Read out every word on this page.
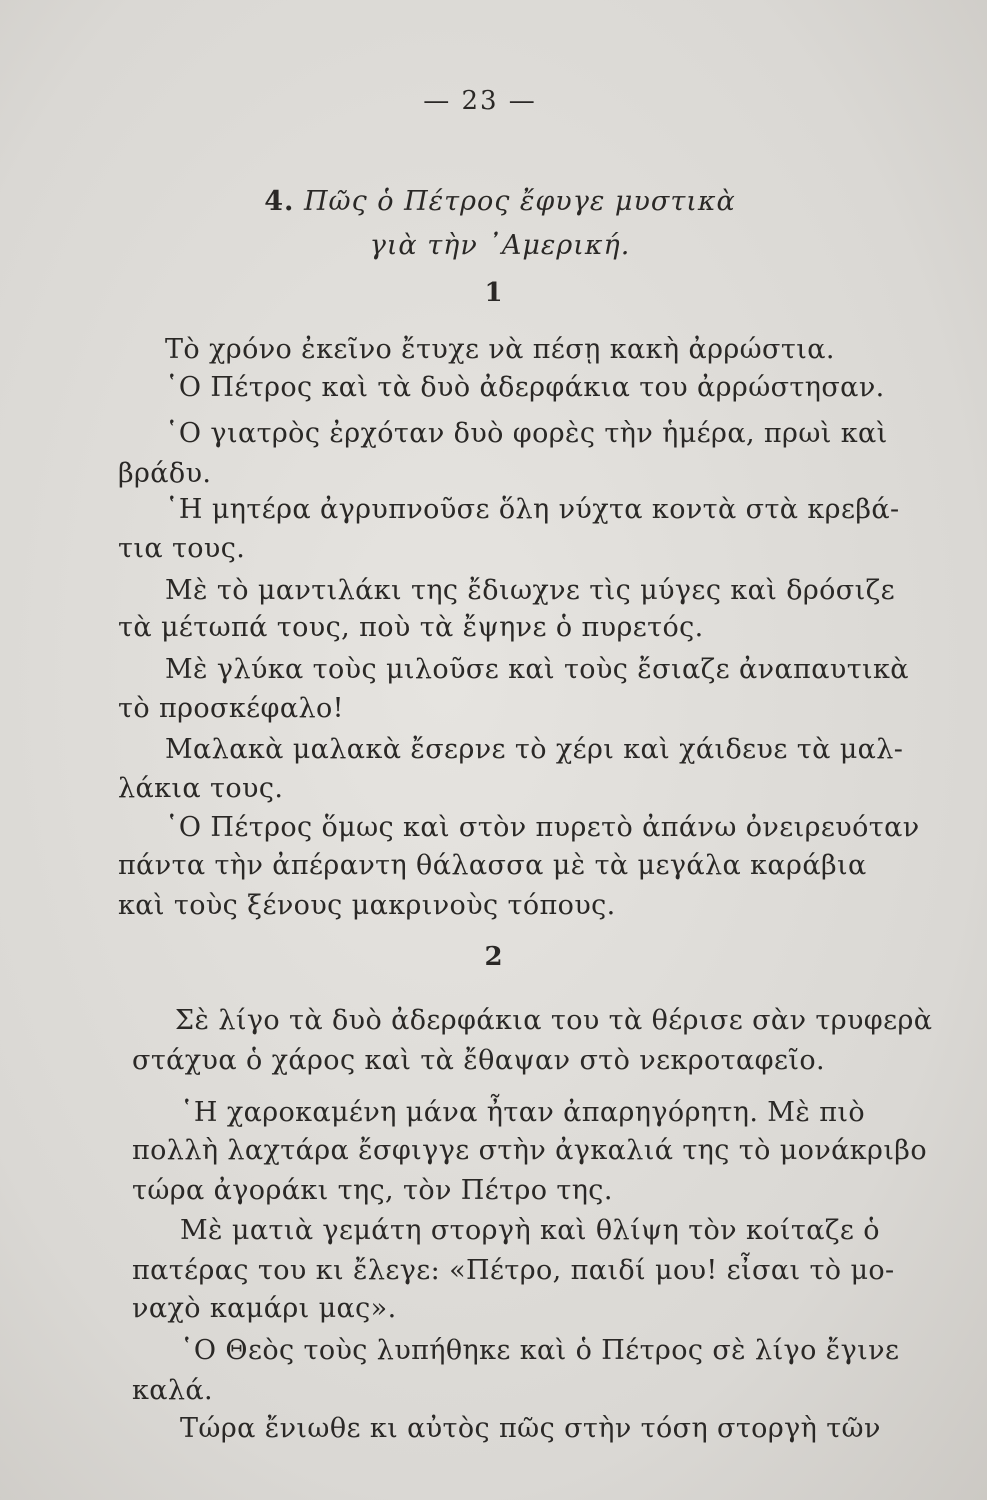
— 23 —
4. Πῶς ὁ Πέτρος ἔφυγε μυστικὰ
γιὰ τὴν ᾿Αμερική.
1
Τὸ χρόνο ἐκεῖνο ἔτυχε νὰ πέσῃ κακὴ ἀρρώστια.
῾Ο Πέτρος καὶ τὰ δυὸ ἀδερφάκια του ἀρρώστησαν.
῾Ο γιατρὸς ἐρχόταν δυὸ φορὲς τὴν ἡμέρα, πρωὶ καὶ
βράδυ.
῾Η μητέρα ἀγρυπνοῦσε ὅλη νύχτα κοντὰ στὰ κρεβά-
τια τους.
Μὲ τὸ μαντιλάκι της ἔδιωχνε τὶς μύγες καὶ δρόσιζε
τὰ μέτωπά τους, ποὺ τὰ ἔψηνε ὁ πυρετός.
Μὲ γλύκα τοὺς μιλοῦσε καὶ τοὺς ἔσιαζε ἀναπαυτικὰ
τὸ προσκέφαλο!
Μαλακὰ μαλακὰ ἔσερνε τὸ χέρι καὶ χάιδευε τὰ μαλ-
λάκια τους.
῾Ο Πέτρος ὅμως καὶ στὸν πυρετὸ ἀπάνω ὀνειρευόταν
πάντα τὴν ἀπέραντη θάλασσα μὲ τὰ μεγάλα καράβια
καὶ τοὺς ξένους μακρινοὺς τόπους.
2
Σὲ λίγο τὰ δυὸ ἀδερφάκια του τὰ θέρισε σὰν τρυφερὰ
στάχυα ὁ χάρος καὶ τὰ ἔθαψαν στὸ νεκροταφεῖο.
῾Η χαροκαμένη μάνα ἦταν ἀπαρηγόρητη. Μὲ πιὸ
πολλὴ λαχτάρα ἔσφιγγε στὴν ἀγκαλιά της τὸ μονάκριβο
τώρα ἀγοράκι της, τὸν Πέτρο της.
Μὲ ματιὰ γεμάτη στοργὴ καὶ θλίψη τὸν κοίταζε ὁ
πατέρας του κι ἔλεγε: «Πέτρο, παιδί μου! εἶσαι τὸ μο-
ναχὸ καμάρι μας».
῾Ο Θεὸς τοὺς λυπήθηκε καὶ ὁ Πέτρος σὲ λίγο ἔγινε
καλά.
Τώρα ἔνιωθε κι αὐτὸς πῶς στὴν τόση στοργὴ τῶν
